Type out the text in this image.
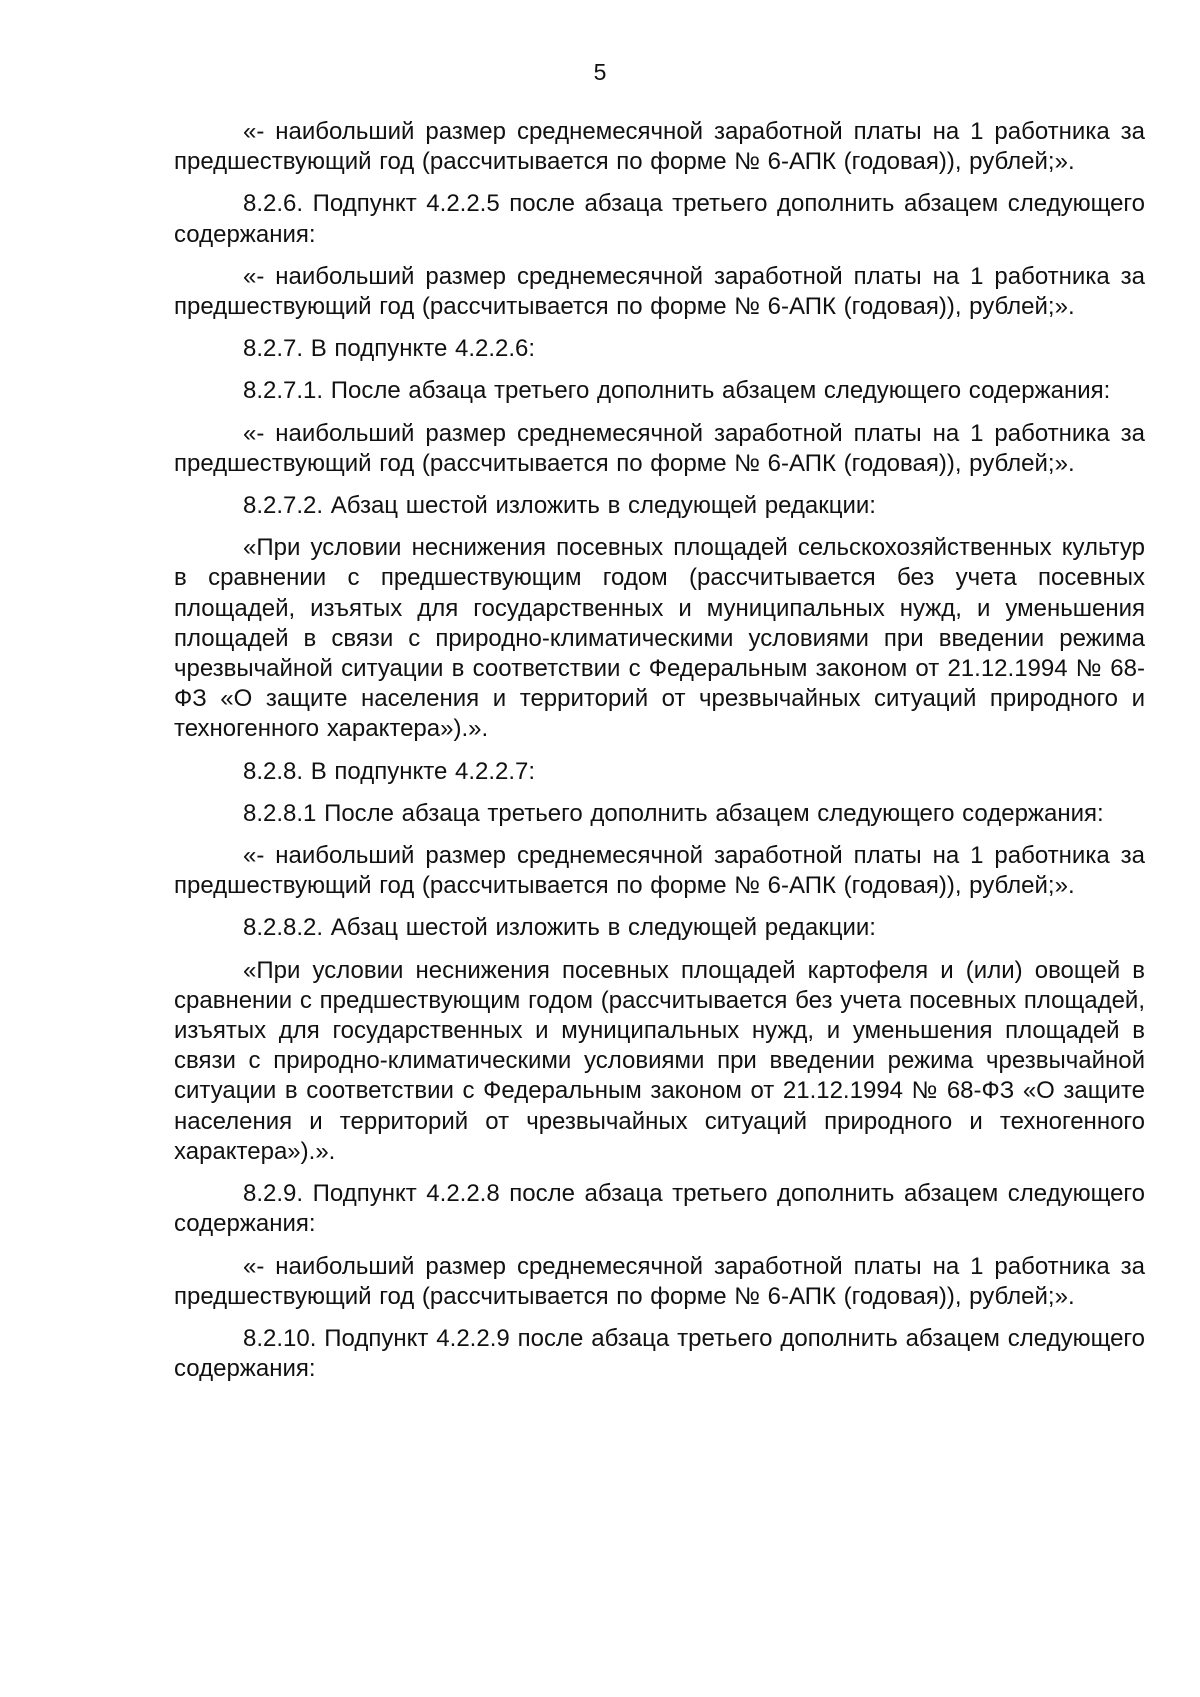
5

«- наибольший размер среднемесячной заработной платы на 1 работника за предшествующий год (рассчитывается по форме № 6-АПК (годовая)), рублей;».

8.2.6. Подпункт 4.2.2.5 после абзаца третьего дополнить абзацем следующего содержания:

«- наибольший размер среднемесячной заработной платы на 1 работника за предшествующий год (рассчитывается по форме № 6-АПК (годовая)), рублей;».

8.2.7. В подпункте 4.2.2.6:

8.2.7.1. После абзаца третьего дополнить абзацем следующего содержания:

«- наибольший размер среднемесячной заработной платы на 1 работника за предшествующий год (рассчитывается по форме № 6-АПК (годовая)), рублей;».

8.2.7.2. Абзац шестой изложить в следующей редакции:

«При условии неснижения посевных площадей сельскохозяйственных культур в сравнении с предшествующим годом (рассчитывается без учета посевных площадей, изъятых для государственных и муниципальных нужд, и уменьшения площадей в связи с природно-климатическими условиями при введении режима чрезвычайной ситуации в соответствии с Федеральным законом от 21.12.1994 № 68-ФЗ «О защите населения и территорий от чрезвычайных ситуаций природного и техногенного характера»).».

8.2.8. В подпункте 4.2.2.7:

8.2.8.1 После абзаца третьего дополнить абзацем следующего содержания:

«- наибольший размер среднемесячной заработной платы на 1 работника за предшествующий год (рассчитывается по форме № 6-АПК (годовая)), рублей;».

8.2.8.2. Абзац шестой изложить в следующей редакции:

«При условии неснижения посевных площадей картофеля и (или) овощей в сравнении с предшествующим годом (рассчитывается без учета посевных площадей, изъятых для государственных и муниципальных нужд, и уменьшения площадей в связи с природно-климатическими условиями при введении режима чрезвычайной ситуации в соответствии с Федеральным законом от 21.12.1994 № 68-ФЗ «О защите населения и территорий от чрезвычайных ситуаций природного и техногенного характера»).».

8.2.9. Подпункт 4.2.2.8 после абзаца третьего дополнить абзацем следующего содержания:

«- наибольший размер среднемесячной заработной платы на 1 работника за предшествующий год (рассчитывается по форме № 6-АПК (годовая)), рублей;».

8.2.10. Подпункт 4.2.2.9 после абзаца третьего дополнить абзацем следующего содержания:
